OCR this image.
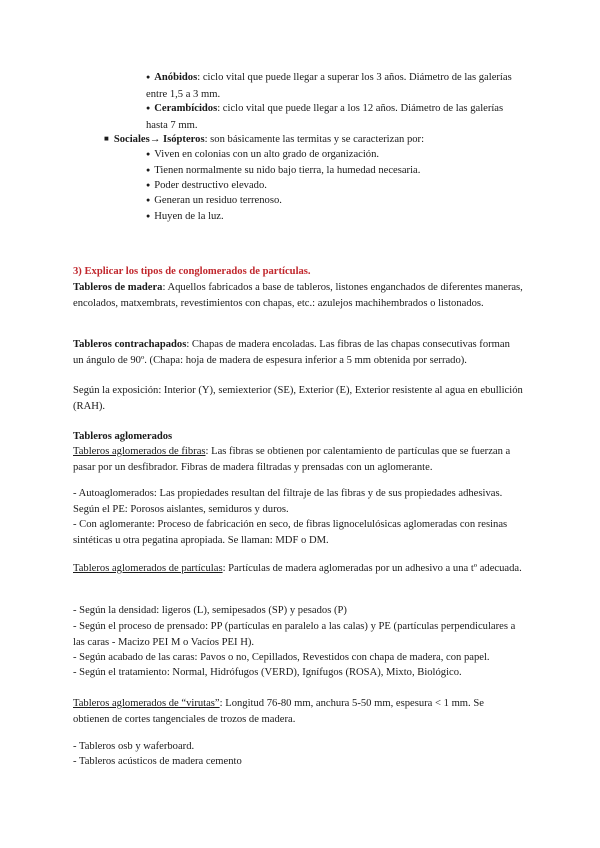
● Anóbidos: ciclo vital que puede llegar a superar los 3 años. Diámetro de las galerías entre 1,5 a 3 mm.

● Cerambícidos: ciclo vital que puede llegar a los 12 años. Diámetro de las galerías hasta 7 mm.

■ Sociales→ Isópteros: son básicamente las termitas y se caracterizan por:

● Viven en colonias con un alto grado de organización.

● Tienen normalmente su nido bajo tierra, la humedad necesaria.

● Poder destructivo elevado.

● Generan un residuo terrenoso.

● Huyen de la luz.

3) Explicar los tipos de conglomerados de partículas.

Tableros de madera: Aquellos fabricados a base de tableros, listones enganchados de diferentes maneras, encolados, matxembrats, revestimientos con chapas, etc.: azulejos machihembrados o listonados.

Tableros contrachapados: Chapas de madera encoladas. Las fibras de las chapas consecutivas forman un ángulo de 90º. (Chapa: hoja de madera de espesura inferior a 5 mm obtenida por serrado).

Según la exposición: Interior (Y), semiexterior (SE), Exterior (E), Exterior resistente al agua en ebullición (RAH).

Tableros aglomerados

Tableros aglomerados de fibras: Las fibras se obtienen por calentamiento de partículas que se fuerzan a pasar por un desfibrador. Fibras de madera filtradas y prensadas con un aglomerante.

- Autoaglomerados: Las propiedades resultan del filtraje de las fibras y de sus propiedades adhesivas. Según el PE: Porosos aislantes, semiduros y duros.

- Con aglomerante: Proceso de fabricación en seco, de fibras lignocelulósicas aglomeradas con resinas sintéticas u otra pegatina apropiada. Se llaman: MDF o DM.

Tableros aglomerados de partículas: Partículas de madera aglomeradas por un adhesivo a una tº adecuada.

- Según la densidad: ligeros (L), semipesados (SP) y pesados (P)

- Según el proceso de prensado: PP (partículas en paralelo a las calas) y PE (partículas perpendiculares a las caras - Macizo PEI M o Vacíos PEI H).

- Según acabado de las caras: Pavos o no, Cepillados, Revestidos con chapa de madera, con papel.

- Según el tratamiento: Normal, Hidrófugos (VERD), Ignífugos (ROSA), Mixto, Biológico.

Tableros aglomerados de “virutas”: Longitud 76-80 mm, anchura 5-50 mm, espesura < 1 mm. Se obtienen de cortes tangenciales de trozos de madera.

- Tableros osb y waferboard.

- Tableros acústicos de madera cemento
